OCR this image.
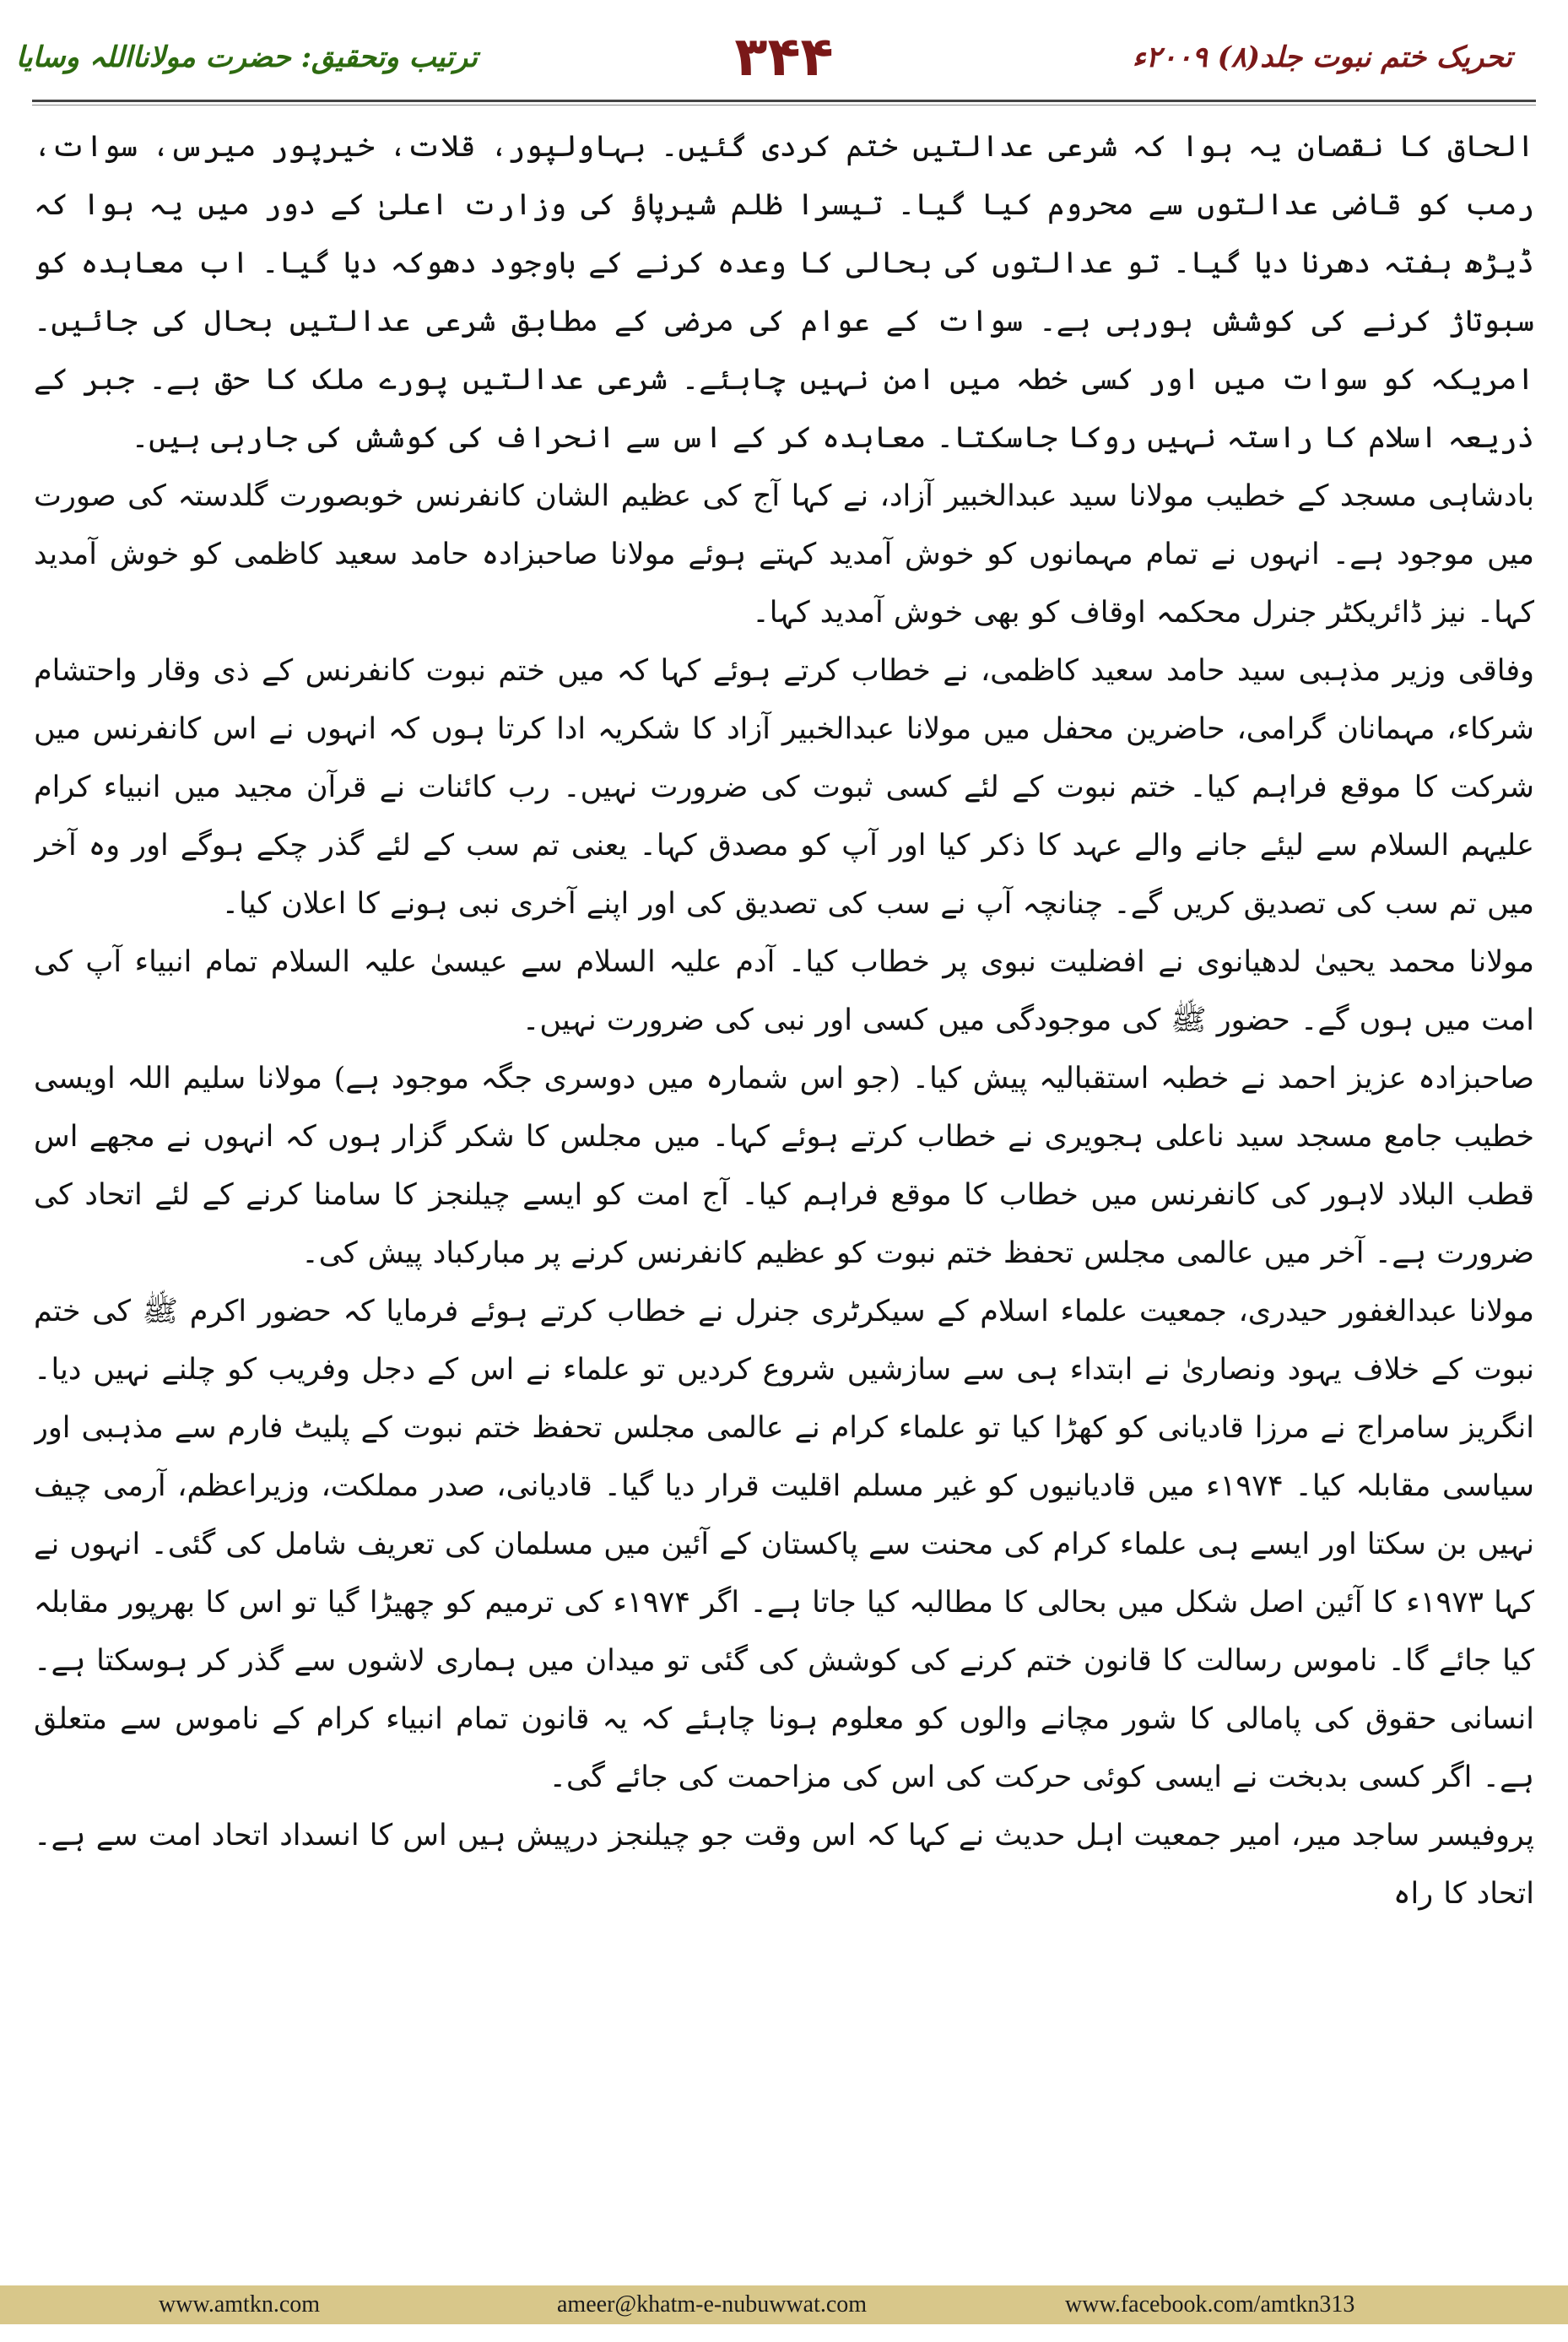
تحریک ختم نبوت جلد(۸) ۲۰۰۹ء
۳۴۴
ترتیب وتحقیق: حضرت مولانااللہ وسایا

الحاق کا نقصان یہ ہوا کہ شرعی عدالتیں ختم کردی گئیں۔ بہاولپور، قلات، خیرپور میرس، سوات، رمب کو قاضی عدالتوں سے محروم کیا گیا۔ تیسرا ظلم شیرپاؤ کی وزارت اعلیٰ کے دور میں یہ ہوا کہ ڈیڑھ ہفتہ دھرنا دیا گیا۔ تو عدالتوں کی بحالی کا وعدہ کرنے کے باوجود دھوکہ دیا گیا۔ اب معاہدہ کو سبوتاژ کرنے کی کوشش ہورہی ہے۔ سوات کے عوام کی مرضی کے مطابق شرعی عدالتیں بحال کی جائیں۔ امریکہ کو سوات میں اور کسی خطہ میں امن نہیں چاہئے۔ شرعی عدالتیں پورے ملک کا حق ہے۔ جبر کے ذریعہ اسلام کا راستہ نہیں روکا جاسکتا۔ معاہدہ کر کے اس سے انحراف کی کوشش کی جارہی ہیں۔

بادشاہی مسجد کے خطیب مولانا سید عبدالخبیر آزاد، نے کہا آج کی عظیم الشان کانفرنس خوبصورت گلدستہ کی صورت میں موجود ہے۔ انہوں نے تمام مہمانوں کو خوش آمدید کہتے ہوئے مولانا صاحبزادہ حامد سعید کاظمی کو خوش آمدید کہا۔ نیز ڈائریکٹر جنرل محکمہ اوقاف کو بھی خوش آمدید کہا۔

وفاقی وزیر مذہبی سید حامد سعید کاظمی، نے خطاب کرتے ہوئے کہا کہ میں ختم نبوت کانفرنس کے ذی وقار واحتشام شرکاء، مہمانان گرامی، حاضرین محفل میں مولانا عبدالخبیر آزاد کا شکریہ ادا کرتا ہوں کہ انہوں نے اس کانفرنس میں شرکت کا موقع فراہم کیا۔ ختم نبوت کے لئے کسی ثبوت کی ضرورت نہیں۔ رب کائنات نے قرآن مجید میں انبیاء کرام علیہم السلام سے لیئے جانے والے عہد کا ذکر کیا اور آپ کو مصدق کہا۔ یعنی تم سب کے لئے گذر چکے ہوگے اور وہ آخر میں تم سب کی تصدیق کریں گے۔ چنانچہ آپ نے سب کی تصدیق کی اور اپنے آخری نبی ہونے کا اعلان کیا۔

مولانا محمد یحییٰ لدھیانوی نے افضلیت نبوی پر خطاب کیا۔ آدم علیہ السلام سے عیسیٰ علیہ السلام تمام انبیاء آپ کی امت میں ہوں گے۔ حضور ﷺ کی موجودگی میں کسی اور نبی کی ضرورت نہیں۔

صاحبزادہ عزیز احمد نے خطبہ استقبالیہ پیش کیا۔ (جو اس شمارہ میں دوسری جگہ موجود ہے) مولانا سلیم اللہ اویسی خطیب جامع مسجد سید ناعلی ہجویری نے خطاب کرتے ہوئے کہا۔ میں مجلس کا شکر گزار ہوں کہ انہوں نے مجھے اس قطب البلاد لاہور کی کانفرنس میں خطاب کا موقع فراہم کیا۔ آج امت کو ایسے چیلنجز کا سامنا کرنے کے لئے اتحاد کی ضرورت ہے۔ آخر میں عالمی مجلس تحفظ ختم نبوت کو عظیم کانفرنس کرنے پر مبارکباد پیش کی۔

مولانا عبدالغفور حیدری، جمعیت علماء اسلام کے سیکرٹری جنرل نے خطاب کرتے ہوئے فرمایا کہ حضور اکرم ﷺ کی ختم نبوت کے خلاف یہود ونصاریٰ نے ابتداء ہی سے سازشیں شروع کردیں تو علماء نے اس کے دجل وفریب کو چلنے نہیں دیا۔ انگریز سامراج نے مرزا قادیانی کو کھڑا کیا تو علماء کرام نے عالمی مجلس تحفظ ختم نبوت کے پلیٹ فارم سے مذہبی اور سیاسی مقابلہ کیا۔ ۱۹۷۴ء میں قادیانیوں کو غیر مسلم اقلیت قرار دیا گیا۔ قادیانی، صدر مملکت، وزیراعظم، آرمی چیف نہیں بن سکتا اور ایسے ہی علماء کرام کی محنت سے پاکستان کے آئین میں مسلمان کی تعریف شامل کی گئی۔ انہوں نے کہا ۱۹۷۳ء کا آئین اصل شکل میں بحالی کا مطالبہ کیا جاتا ہے۔ اگر ۱۹۷۴ء کی ترمیم کو چھیڑا گیا تو اس کا بھرپور مقابلہ کیا جائے گا۔ ناموس رسالت کا قانون ختم کرنے کی کوشش کی گئی تو میدان میں ہماری لاشوں سے گذر کر ہوسکتا ہے۔ انسانی حقوق کی پامالی کا شور مچانے والوں کو معلوم ہونا چاہئے کہ یہ قانون تمام انبیاء کرام کے ناموس سے متعلق ہے۔ اگر کسی بدبخت نے ایسی کوئی حرکت کی اس کی مزاحمت کی جائے گی۔

پروفیسر ساجد میر، امیر جمعیت اہل حدیث نے کہا کہ اس وقت جو چیلنجز درپیش ہیں اس کا انسداد اتحاد امت سے ہے۔ اتحاد کا راہ

www.amtkn.com	ameer@khatm-e-nubuwwat.com	www.facebook.com/amtkn313
